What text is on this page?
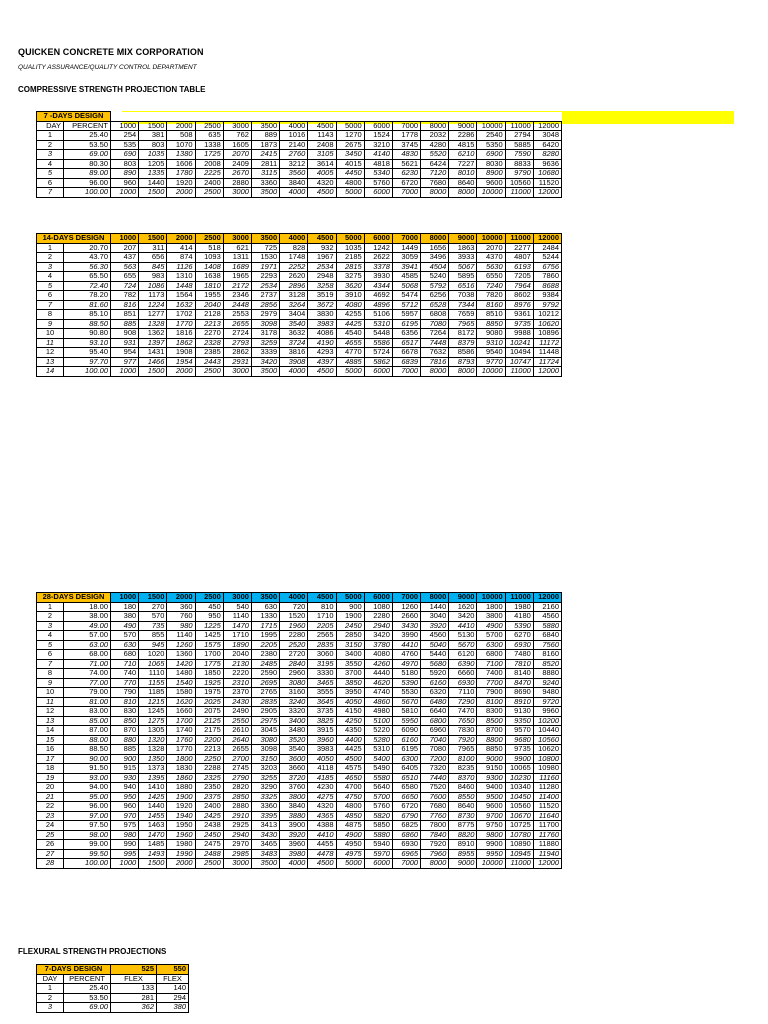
QUICKEN CONCRETE MIX CORPORATION
QUALITY ASSURANCE/QUALITY CONTROL DEPARTMENT
COMPRESSIVE STRENGTH PROJECTION TABLE
7 -DAYS DESIGN																	
DAY	PERCENT	1000	1500	2000	2500	3000	3500	4000	4500	5000	6000	7000	8000	9000	10000	11000	12000
1	25.40	254	381	508	635	762	889	1016	1143	1270	1524	1778	2032	2286	2540	2794	3048
2	53.50	535	803	1070	1338	1605	1873	2140	2408	2675	3210	3745	4280	4815	5350	5885	6420
3	69.00	690	1035	1380	1725	2070	2415	2760	3105	3450	4140	4830	5520	6210	6900	7590	8280
4	80.30	803	1205	1606	2008	2409	2811	3212	3614	4015	4818	5621	6424	7227	8030	8833	9636
5	89.00	890	1335	1780	2225	2670	3115	3560	4005	4450	5340	6230	7120	8010	8900	9790	10680
6	96.00	960	1440	1920	2400	2880	3360	3840	4320	4800	5760	6720	7680	8640	9600	10560	11520
7	100.00	1000	1500	2000	2500	3000	3500	4000	4500	5000	6000	7000	8000	8000	10000	11000	12000
14-DAYS DESIGN		1000	1500	2000	2500	3000	3500	4000	4500	5000	6000	7000	8000	9000	10000	11000	12000
1	20.70	207	311	414	518	621	725	828	932	1035	1242	1449	1656	1863	2070	2277	2484
2	43.70	437	656	874	1093	1311	1530	1748	1967	2185	2622	3059	3496	3933	4370	4807	5244
3	56.30	563	845	1126	1408	1689	1971	2252	2534	2815	3378	3941	4504	5067	5630	6193	6756
4	65.50	655	983	1310	1638	1965	2293	2620	2948	3275	3930	4585	5240	5895	6550	7205	7860
5	72.40	724	1086	1448	1810	2172	2534	2896	3258	3620	4344	5068	5792	6516	7240	7964	8688
6	78.20	782	1173	1564	1955	2346	2737	3128	3519	3910	4692	5474	6256	7038	7820	8602	9384
7	81.60	816	1224	1632	2040	2448	2856	3264	3672	4080	4896	5712	6528	7344	8160	8976	9792
8	85.10	851	1277	1702	2128	2553	2979	3404	3830	4255	5106	5957	6808	7659	8510	9361	10212
9	88.50	885	1328	1770	2213	2655	3098	3540	3983	4425	5310	6195	7080	7965	8850	9735	10620
10	90.80	908	1362	1816	2270	2724	3178	3632	4086	4540	5448	6356	7264	8172	9080	9988	10896
11	93.10	931	1397	1862	2328	2793	3259	3724	4190	4655	5586	6517	7448	8379	9310	10241	11172
12	95.40	954	1431	1908	2385	2862	3339	3816	4293	4770	5724	6678	7632	8586	9540	10494	11448
13	97.70	977	1466	1954	2443	2931	3420	3908	4397	4885	5862	6839	7816	8793	9770	10747	11724
14	100.00	1000	1500	2000	2500	3000	3500	4000	4500	5000	6000	7000	8000	8000	10000	11000	12000
28-DAYS DESIGN		1000	1500	2000	2500	3000	3500	4000	4500	5000	6000	7000	8000	9000	10000	11000	12000
1	18.00	180	270	360	450	540	630	720	810	900	1080	1260	1440	1620	1800	1980	2160
2	38.00	380	570	760	950	1140	1330	1520	1710	1900	2280	2660	3040	3420	3800	4180	4560
3	49.00	490	735	980	1225	1470	1715	1960	2205	2450	2940	3430	3920	4410	4900	5390	5880
4	57.00	570	855	1140	1425	1710	1995	2280	2565	2850	3420	3990	4560	5130	5700	6270	6840
5	63.00	630	945	1260	1575	1890	2205	2520	2835	3150	3780	4410	5040	5670	6300	6930	7560
6	68.00	680	1020	1360	1700	2040	2380	2720	3060	3400	4080	4760	5440	6120	6800	7480	8160
7	71.00	710	1065	1420	1775	2130	2485	2840	3195	3550	4260	4970	5680	6390	7100	7810	8520
8	74.00	740	1110	1480	1850	2220	2590	2960	3330	3700	4440	5180	5920	6660	7400	8140	8880
9	77.00	770	1155	1540	1925	2310	2695	3080	3465	3850	4620	5390	6160	6930	7700	8470	9240
10	79.00	790	1185	1580	1975	2370	2765	3160	3555	3950	4740	5530	6320	7110	7900	8690	9480
11	81.00	810	1215	1620	2025	2430	2835	3240	3645	4050	4860	5670	6480	7290	8100	8910	9720
12	83.00	830	1245	1660	2075	2490	2905	3320	3735	4150	4980	5810	6640	7470	8300	9130	9960
13	85.00	850	1275	1700	2125	2550	2975	3400	3825	4250	5100	5950	6800	7650	8500	9350	10200
14	87.00	870	1305	1740	2175	2610	3045	3480	3915	4350	5220	6090	6960	7830	8700	9570	10440
15	88.00	880	1320	1760	2200	2640	3080	3520	3960	4400	5280	6160	7040	7920	8800	9680	10560
16	88.50	885	1328	1770	2213	2655	3098	3540	3983	4425	5310	6195	7080	7965	8850	9735	10620
17	90.00	900	1350	1800	2250	2700	3150	3600	4050	4500	5400	6300	7200	8100	9000	9900	10800
18	91.50	915	1373	1830	2288	2745	3203	3660	4118	4575	5490	6405	7320	8235	9150	10065	10980
19	93.00	930	1395	1860	2325	2790	3255	3720	4185	4650	5580	6510	7440	8370	9300	10230	11160
20	94.00	940	1410	1880	2350	2820	3290	3760	4230	4700	5640	6580	7520	8460	9400	10340	11280
21	95.00	950	1425	1900	2375	2850	3325	3800	4275	4750	5700	6650	7600	8550	9500	10450	11400
22	96.00	960	1440	1920	2400	2880	3360	3840	4320	4800	5760	6720	7680	8640	9600	10560	11520
23	97.00	970	1455	1940	2425	2910	3395	3880	4365	4850	5820	6790	7760	8730	9700	10670	11640
24	97.50	975	1463	1950	2438	2925	3413	3900	4388	4875	5850	6825	7800	8775	9750	10725	11700
25	98.00	980	1470	1960	2450	2940	3430	3920	4410	4900	5880	6860	7840	8820	9800	10780	11760
26	99.00	990	1485	1980	2475	2970	3465	3960	4455	4950	5940	6930	7920	8910	9900	10890	11880
27	99.50	995	1493	1990	2488	2985	3483	3980	4478	4975	5970	6965	7960	8955	9950	10945	11940
28	100.00	1000	1500	2000	2500	3000	3500	4000	4500	5000	6000	7000	8000	9000	10000	11000	12000
FLEXURAL STRENGTH PROJECTIONS
7-DAYS DESIGN		525	550
DAY	PERCENT	FLEX	FLEX
1	25.40	133	140
2	53.50	281	294
3	69.00	362	380
